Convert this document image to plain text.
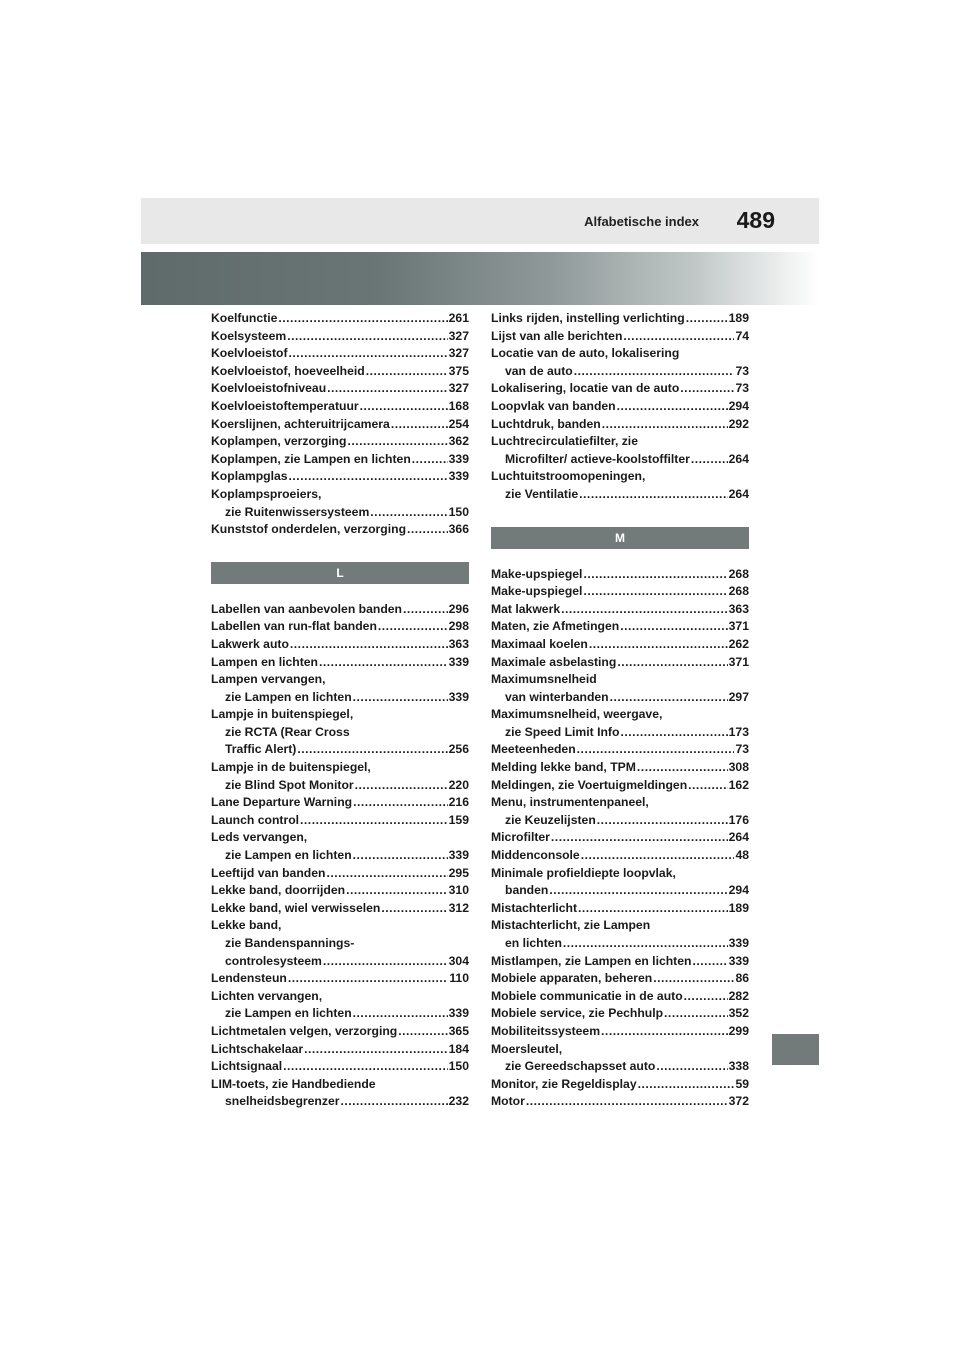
Alfabetische index 489
Koelfunctie .....	261
Koelsysteem .....	327
Koelvloeistof .....	327
Koelvloeistof, hoeveelheid .....	375
Koelvloeistofniveau .....	327
Koelvloeistoftemperatuur .....	168
Koerslijnen, achteruitrijcamera .....	254
Koplampen, verzorging .....	362
Koplampen, zie Lampen en lichten .....	339
Koplampglas .....	339
Koplampsproeiers,
zie Ruitenwissersysteem .....	150
Kunststof onderdelen, verzorging .....	366
L
Labellen van aanbevolen banden .....	296
Labellen van run-flat banden .....	298
Lakwerk auto .....	363
Lampen en lichten .....	339
Lampen vervangen,
zie Lampen en lichten .....	339
Lampje in buitenspiegel,
zie RCTA (Rear Cross
Traffic Alert) .....	256
Lampje in de buitenspiegel,
zie Blind Spot Monitor .....	220
Lane Departure Warning .....	216
Launch control .....	159
Leds vervangen,
zie Lampen en lichten .....	339
Leeftijd van banden .....	295
Lekke band, doorrijden .....	310
Lekke band, wiel verwisselen .....	312
Lekke band,
zie Bandenspannings-
controlesysteem .....	304
Lendensteun .....	110
Lichten vervangen,
zie Lampen en lichten .....	339
Lichtmetalen velgen, verzorging .....	365
Lichtschakelaar .....	184
Lichtsignaal .....	150
LIM-toets, zie Handbediende
snelheidsbegrenzer .....	232
Links rijden, instelling verlichting .....	189
Lijst van alle berichten .....	74
Locatie van de auto, lokalisering
van de auto .....	73
Lokalisering, locatie van de auto .....	73
Loopvlak van banden .....	294
Luchtdruk, banden .....	292
Luchtrecirculatiefilter, zie
Microfilter/ actieve-koolstoffilter .....	264
Luchtuitstroomopeningen,
zie Ventilatie .....	264
M
Make-upspiegel .....	268
Make-upspiegel .....	268
Mat lakwerk .....	363
Maten, zie Afmetingen .....	371
Maximaal koelen .....	262
Maximale asbelasting .....	371
Maximumsnelheid
van winterbanden .....	297
Maximumsnelheid, weergave,
zie Speed Limit Info .....	173
Meeteenheden .....	73
Melding lekke band, TPM .....	308
Meldingen, zie Voertuigmeldingen .....	162
Menu, instrumentenpaneel,
zie Keuzelijsten .....	176
Microfilter .....	264
Middenconsole .....	48
Minimale profieldiepte loopvlak,
banden .....	294
Mistachterlicht .....	189
Mistachterlicht, zie Lampen
en lichten .....	339
Mistlampen, zie Lampen en lichten .....	339
Mobiele apparaten, beheren .....	86
Mobiele communicatie in de auto .....	282
Mobiele service, zie Pechhulp .....	352
Mobiliteitssysteem .....	299
Moersleutel,
zie Gereedschapsset auto .....	338
Monitor, zie Regeldisplay .....	59
Motor .....	372
